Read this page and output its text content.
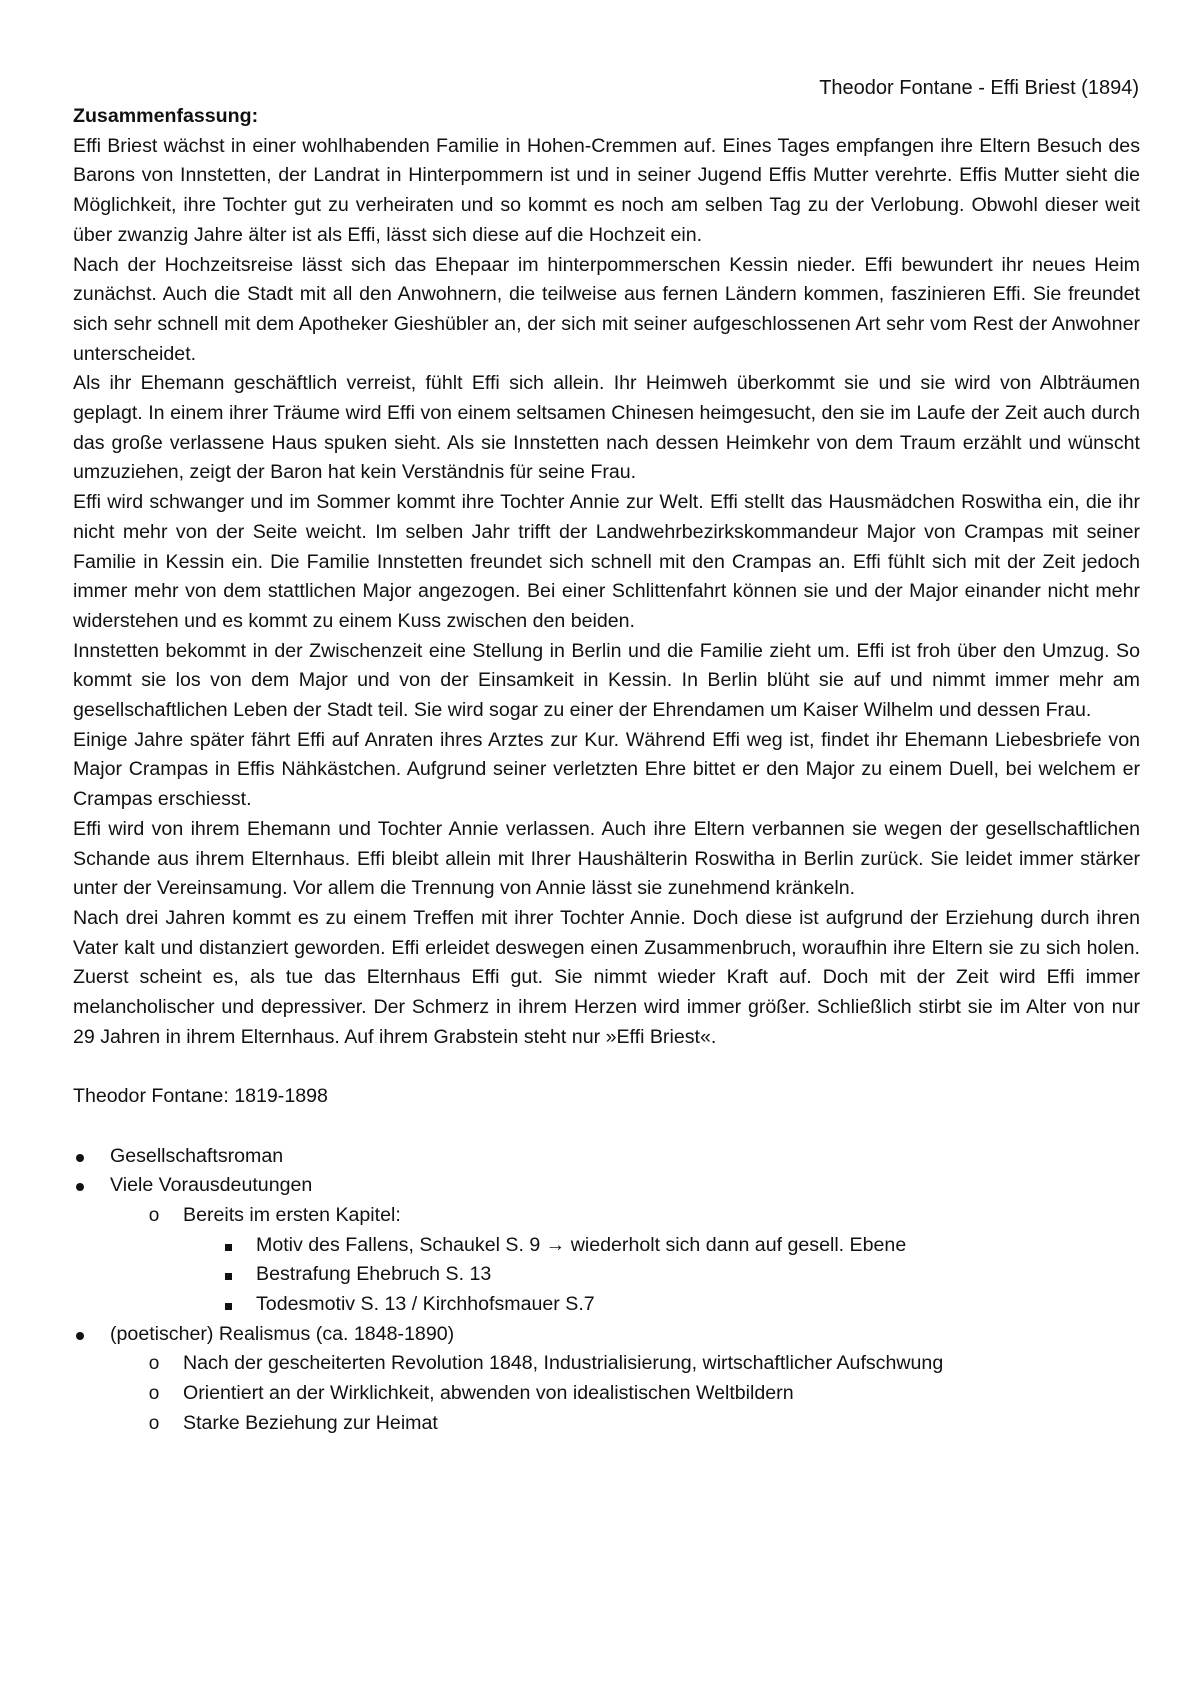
Theodor Fontane - Effi Briest (1894)

Zusammenfassung:

Effi Briest wächst in einer wohlhabenden Familie in Hohen-Cremmen auf. Eines Tages empfangen ihre Eltern Besuch des Barons von Innstetten, der Landrat in Hinterpommern ist und in seiner Jugend Effis Mutter verehrte. Effis Mutter sieht die Möglichkeit, ihre Tochter gut zu verheiraten und so kommt es noch am selben Tag zu der Verlobung. Obwohl dieser weit über zwanzig Jahre älter ist als Effi, lässt sich diese auf die Hochzeit ein.

Nach der Hochzeitsreise lässt sich das Ehepaar im hinterpommerschen Kessin nieder. Effi bewundert ihr neues Heim zunächst. Auch die Stadt mit all den Anwohnern, die teilweise aus fernen Ländern kommen, faszinieren Effi. Sie freundet sich sehr schnell mit dem Apotheker Gieshübler an, der sich mit seiner aufgeschlossenen Art sehr vom Rest der Anwohner unterscheidet.

Als ihr Ehemann geschäftlich verreist, fühlt Effi sich allein. Ihr Heimweh überkommt sie und sie wird von Albträumen geplagt. In einem ihrer Träume wird Effi von einem seltsamen Chinesen heimgesucht, den sie im Laufe der Zeit auch durch das große verlassene Haus spuken sieht. Als sie Innstetten nach dessen Heimkehr von dem Traum erzählt und wünscht umzuziehen, zeigt der Baron hat kein Verständnis für seine Frau.

Effi wird schwanger und im Sommer kommt ihre Tochter Annie zur Welt. Effi stellt das Hausmädchen Roswitha ein, die ihr nicht mehr von der Seite weicht. Im selben Jahr trifft der Landwehrbezirkskommandeur Major von Crampas mit seiner Familie in Kessin ein. Die Familie Innstetten freundet sich schnell mit den Crampas an. Effi fühlt sich mit der Zeit jedoch immer mehr von dem stattlichen Major angezogen. Bei einer Schlittenfahrt können sie und der Major einander nicht mehr widerstehen und es kommt zu einem Kuss zwischen den beiden.

Innstetten bekommt in der Zwischenzeit eine Stellung in Berlin und die Familie zieht um. Effi ist froh über den Umzug. So kommt sie los von dem Major und von der Einsamkeit in Kessin. In Berlin blüht sie auf und nimmt immer mehr am gesellschaftlichen Leben der Stadt teil. Sie wird sogar zu einer der Ehrendamen um Kaiser Wilhelm und dessen Frau.

Einige Jahre später fährt Effi auf Anraten ihres Arztes zur Kur. Während Effi weg ist, findet ihr Ehemann Liebesbriefe von Major Crampas in Effis Nähkästchen. Aufgrund seiner verletzten Ehre bittet er den Major zu einem Duell, bei welchem er Crampas erschiesst.

Effi wird von ihrem Ehemann und Tochter Annie verlassen. Auch ihre Eltern verbannen sie wegen der gesellschaftlichen Schande aus ihrem Elternhaus. Effi bleibt allein mit Ihrer Haushälterin Roswitha in Berlin zurück. Sie leidet immer stärker unter der Vereinsamung. Vor allem die Trennung von Annie lässt sie zunehmend kränkeln.

Nach drei Jahren kommt es zu einem Treffen mit ihrer Tochter Annie. Doch diese ist aufgrund der Erziehung durch ihren Vater kalt und distanziert geworden. Effi erleidet deswegen einen Zusammenbruch, woraufhin ihre Eltern sie zu sich holen. Zuerst scheint es, als tue das Elternhaus Effi gut. Sie nimmt wieder Kraft auf. Doch mit der Zeit wird Effi immer melancholischer und depressiver. Der Schmerz in ihrem Herzen wird immer größer. Schließlich stirbt sie im Alter von nur 29 Jahren in ihrem Elternhaus. Auf ihrem Grabstein steht nur »Effi Briest«.

Theodor Fontane: 1819-1898

Gesellschaftsroman
Viele Vorausdeutungen
o Bereits im ersten Kapitel:
Motiv des Fallens, Schaukel S. 9 → wiederholt sich dann auf gesell. Ebene
Bestrafung Ehebruch S. 13
Todesmotiv S. 13 / Kirchhofsmauer S.7
(poetischer) Realismus (ca. 1848-1890)
o Nach der gescheiterten Revolution 1848, Industrialisierung, wirtschaftlicher Aufschwung
o Orientiert an der Wirklichkeit, abwenden von idealistischen Weltbildern
o Starke Beziehung zur Heimat
